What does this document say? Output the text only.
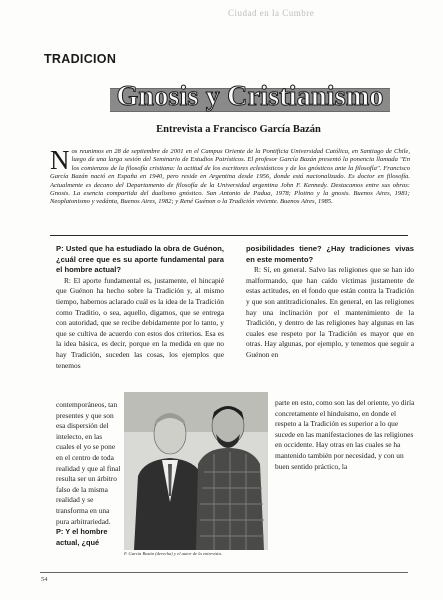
Ciudad en la Cumbre
TRADICION
Gnosis y Cristianismo
Entrevista a Francisco García Bazán
N os reunimos en 28 de septiembre de 2001 en el Campus Oriente de la Pontificia Universidad Católica, en Santiago de Chile, luego de una larga sesión del Seminario de Estudios Patrísticos. El profesor García Bazán presentó la ponencia llamada "En los comienzos de la filosofía cristiana: la actitud de los escritores eclesiásticos y de los gnósticos ante la filosofía". Francisco García Bazán nació en España en 1940, pero reside en Argentina desde 1956, donde está nacionalizado. Es doctor en filosofía. Actualmente es decano del Departamento de filosofía de la Universidad argentina John F. Kennedy. Destacamos entre sus obras: Gnosis. La esencia compartida del dualismo gnóstico. San Antonio de Padua, 1978; Plotino y la gnosis. Buenos Aires, 1981; Neoplatonismo y vedánta, Buenos Aires, 1982; y René Guénon o la Tradición viviente. Buenos Aires, 1985.

P: Usted que ha estudiado la obra de Guénon, ¿cuál cree que es su aporte fundamental para el hombre actual?

R: El aporte fundamental es, justamente, el hincapié que Guénon ha hecho sobre la Tradición y, al mismo tiempo, habernos aclarado cuál es la idea de la Tradición como Traditio, o sea, aquello, digamos, que se entrega con autoridad, que se recibe debidamente por lo tanto, y que se cultiva de acuerdo con estos dos criterios. Esa es la idea básica, es decir, porque en la medida en que no hay Tradición, suceden las cosas, los ejemplos que tenemos

contemporáneos, tan presentes y que son esa dispersión del intelecto, en las cuales el yo se pone en el centro de toda realidad y que al final resulta ser un árbitro falso de la misma realidad y se transforma en una pura arbitrariedad.
P: Y el hombre actual, ¿qué

posibilidades tiene? ¿Hay tradiciones vivas en este momento?

R: Sí, en general. Salvo las religiones que se han ido malformando, que han caído víctimas justamente de estas actitudes, en el fondo que están contra la Tradición y que son antitradicionales. En general, en las religiones hay una inclinación por el mantenimiento de la Tradición, y dentro de las religiones hay algunas en las cuales ese respeto por la Tradición es mayor que en otras. Hay algunas, por ejemplo, y tenemos que seguir a Guénon en

parte en esto, como son las del oriente, yo diría concretamente el hinduismo, en donde el respeto a la Tradición es superior a lo que sucede en las manifestaciones de las religiones en occidente. Hay otras en las cuales se ha mantenido también por necesidad, y con un buen sentido práctico, la
F. García Bazán (derecha) y el autor de la entrevista.
54
